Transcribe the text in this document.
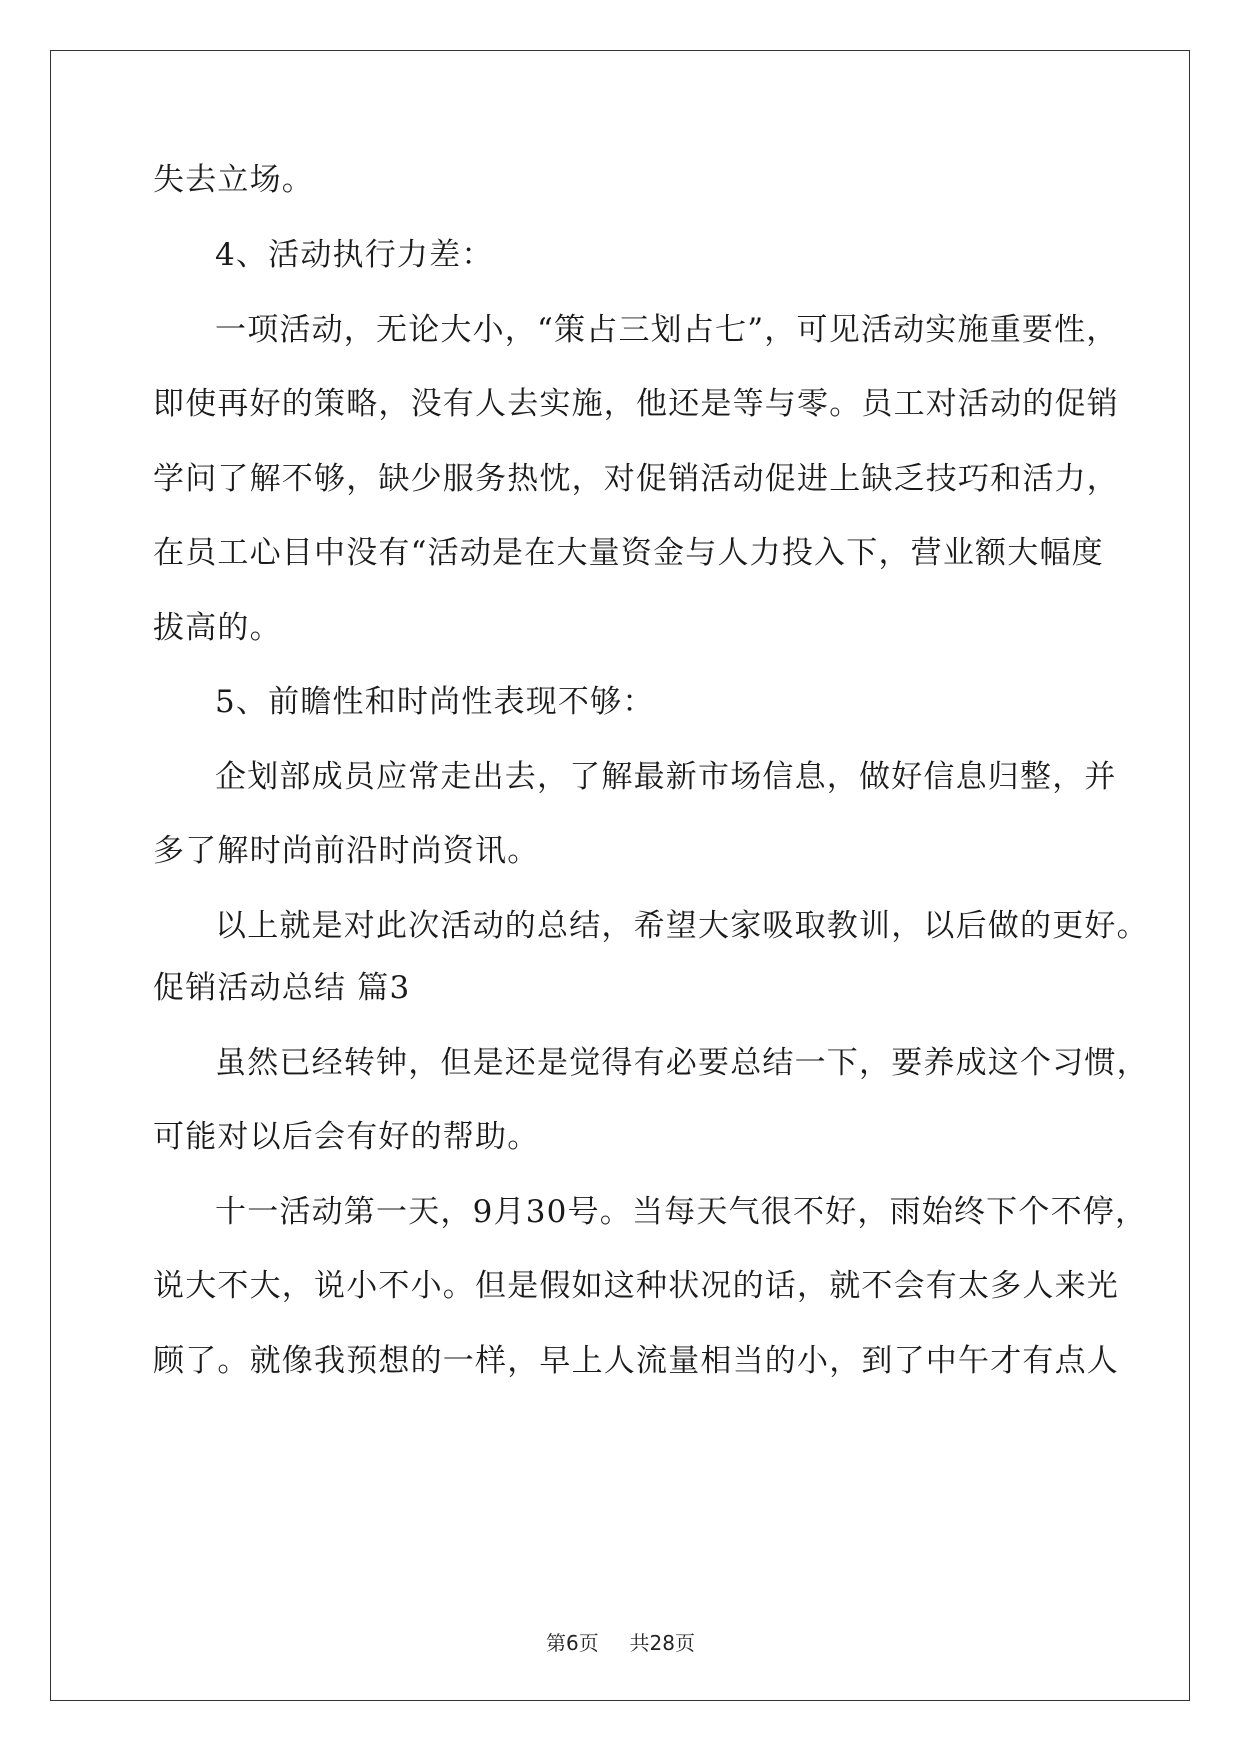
失去立场。
4、活动执行力差：
一项活动，无论大小，“策占三划占七”，可见活动实施重要性，
即使再好的策略，没有人去实施，他还是等与零。员工对活动的促销
学问了解不够，缺少服务热忱，对促销活动促进上缺乏技巧和活力，
在员工心目中没有“活动是在大量资金与人力投入下，营业额大幅度
拔高的。
5、前瞻性和时尚性表现不够：
企划部成员应常走出去，了解最新市场信息，做好信息归整，并
多了解时尚前沿时尚资讯。
以上就是对此次活动的总结，希望大家吸取教训，以后做的更好。
促销活动总结 篇3
虽然已经转钟，但是还是觉得有必要总结一下，要养成这个习惯，
可能对以后会有好的帮助。
十一活动第一天，9月30号。当每天气很不好，雨始终下个不停，
说大不大，说小不小。但是假如这种状况的话，就不会有太多人来光
顾了。就像我预想的一样，早上人流量相当的小，到了中午才有点人
第6页 共28页
